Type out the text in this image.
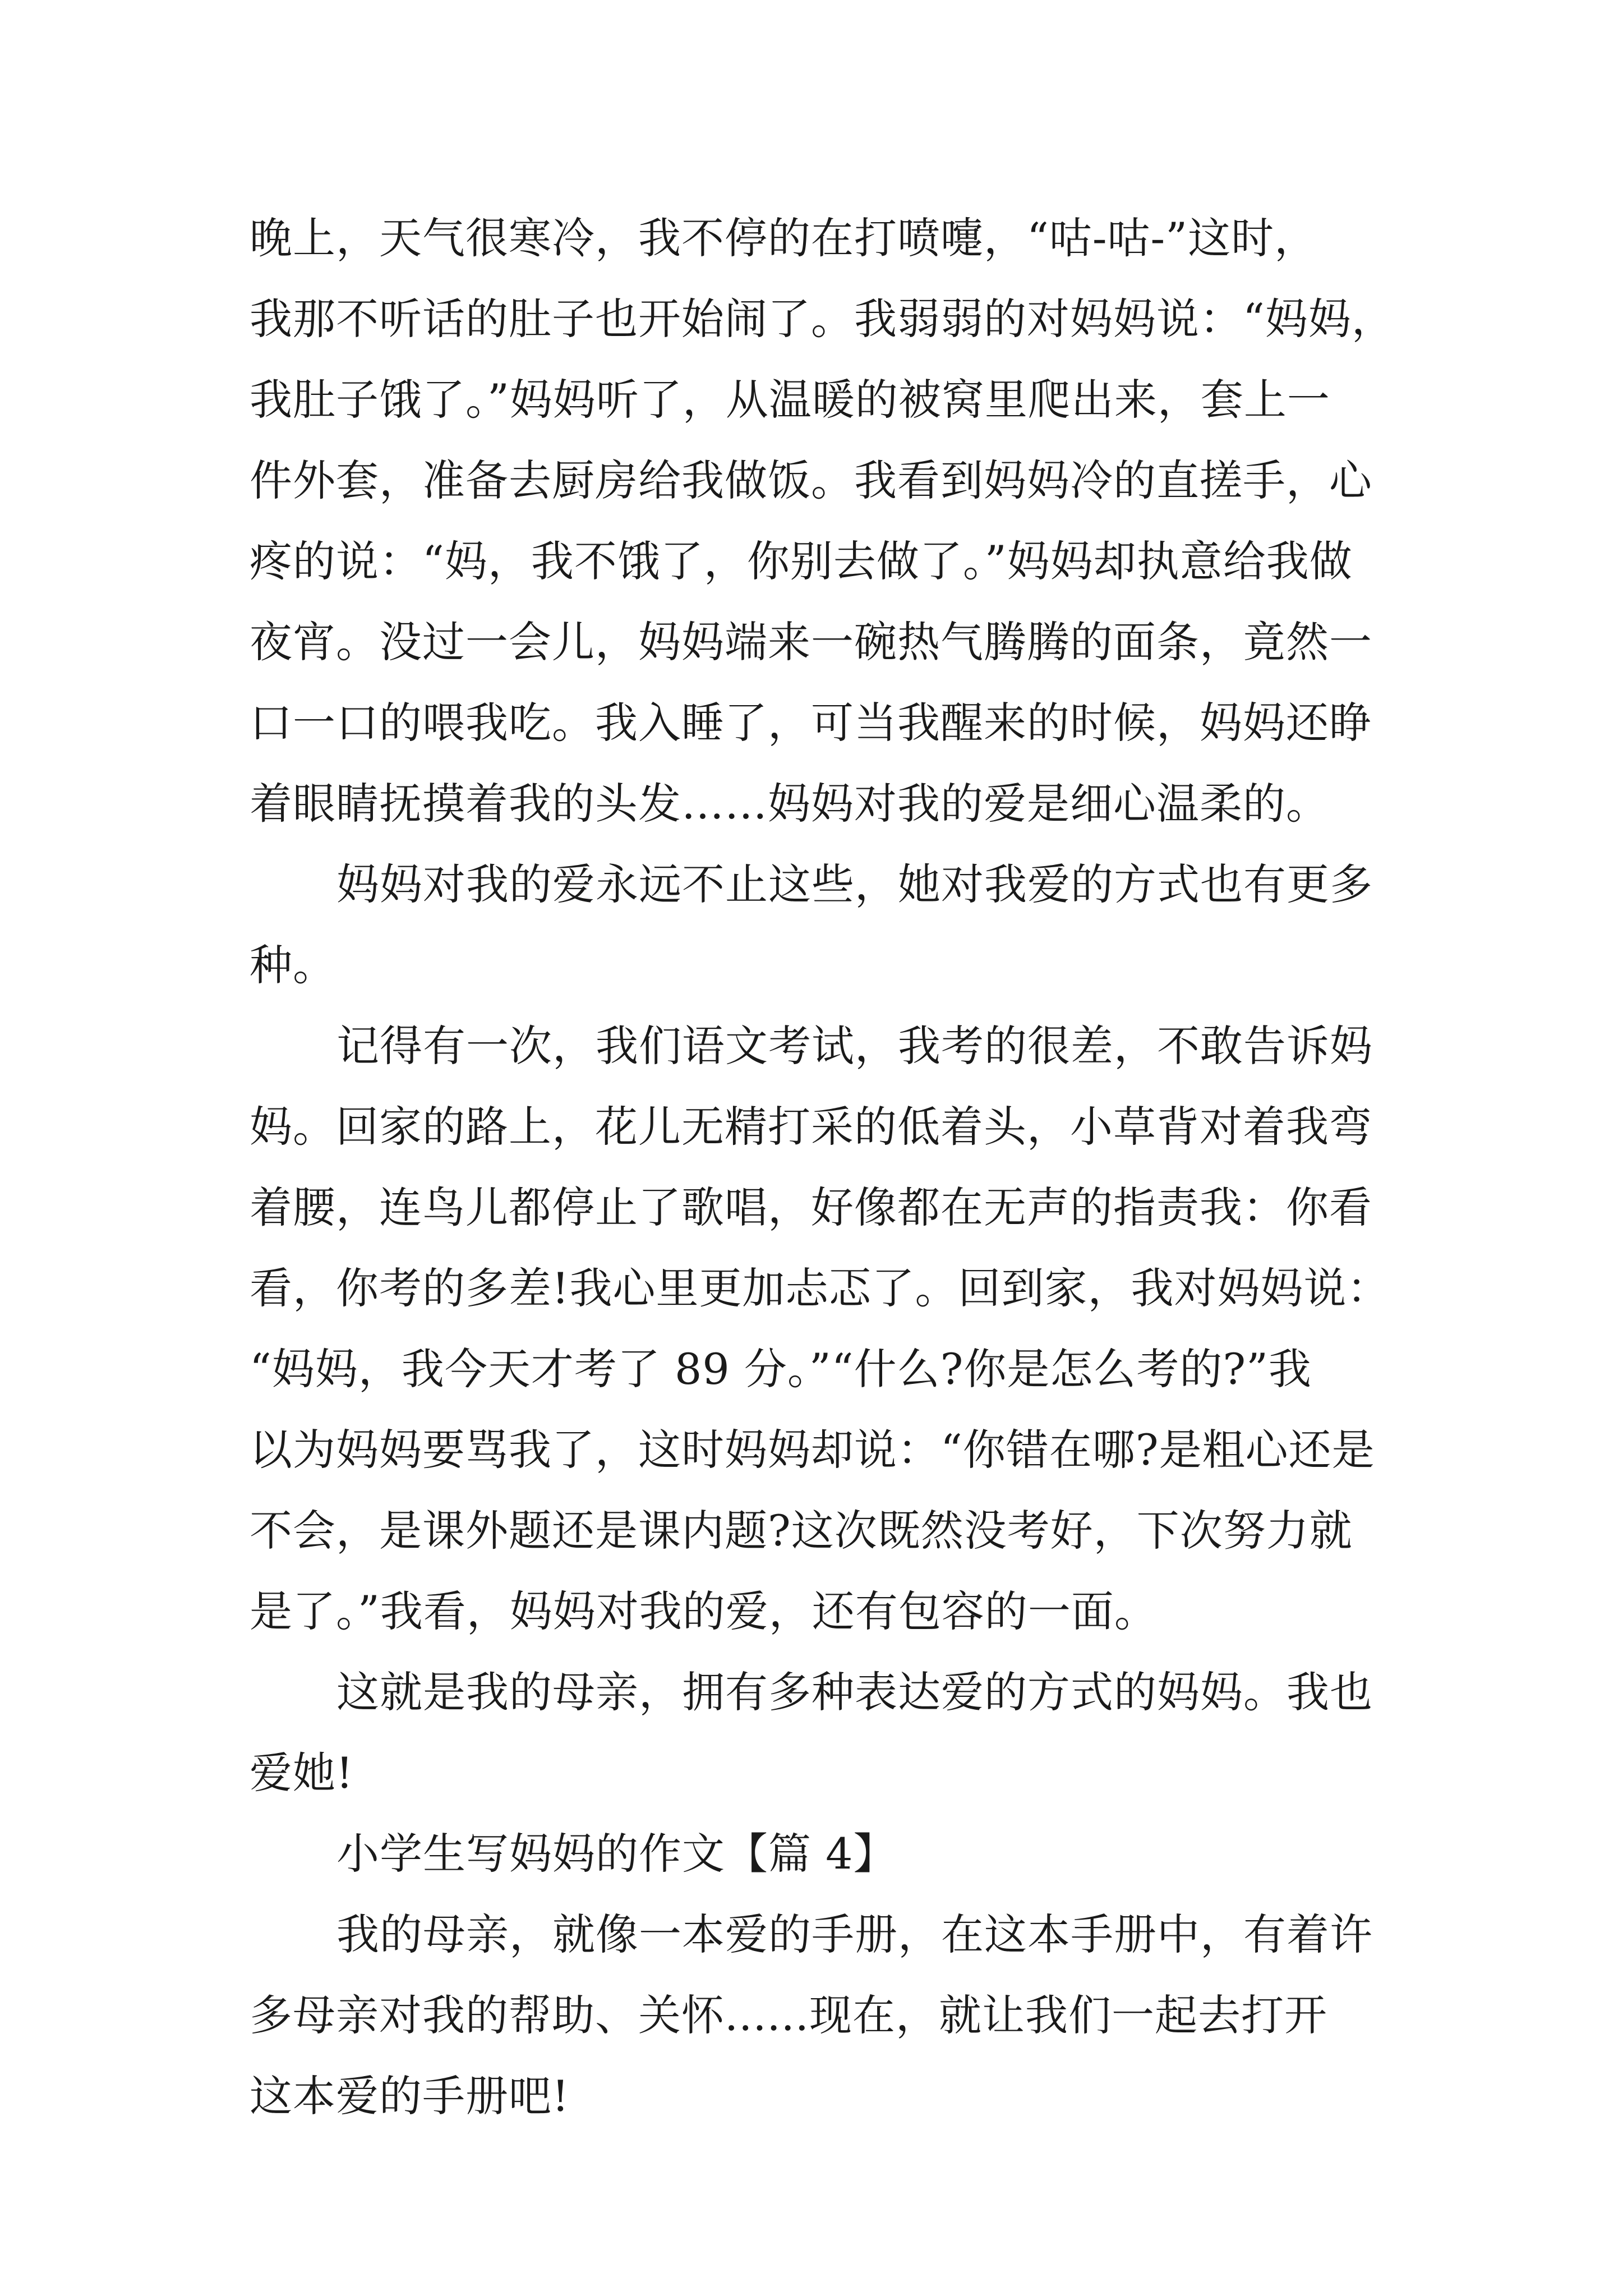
晚上，天气很寒冷，我不停的在打喷嚏，“咕-咕-”这时，
我那不听话的肚子也开始闹了。我弱弱的对妈妈说：“妈妈，
我肚子饿了。”妈妈听了，从温暖的被窝里爬出来，套上一
件外套，准备去厨房给我做饭。我看到妈妈冷的直搓手，心
疼的说：“妈，我不饿了，你别去做了。”妈妈却执意给我做
夜宵。没过一会儿，妈妈端来一碗热气腾腾的面条，竟然一
口一口的喂我吃。我入睡了，可当我醒来的时候，妈妈还睁
着眼睛抚摸着我的头发……妈妈对我的爱是细心温柔的。
妈妈对我的爱永远不止这些，她对我爱的方式也有更多
种。
记得有一次，我们语文考试，我考的很差，不敢告诉妈
妈。回家的路上，花儿无精打采的低着头，小草背对着我弯
着腰，连鸟儿都停止了歌唱，好像都在无声的指责我：你看
看，你考的多差!我心里更加忐忑了。回到家，我对妈妈说：
“妈妈，我今天才考了 89 分。”“什么?你是怎么考的?”我
以为妈妈要骂我了，这时妈妈却说：“你错在哪?是粗心还是
不会，是课外题还是课内题?这次既然没考好，下次努力就
是了。”我看，妈妈对我的爱，还有包容的一面。
这就是我的母亲，拥有多种表达爱的方式的妈妈。我也
爱她!
小学生写妈妈的作文【篇 4】
我的母亲，就像一本爱的手册，在这本手册中，有着许
多母亲对我的帮助、关怀......现在，就让我们一起去打开
这本爱的手册吧!
